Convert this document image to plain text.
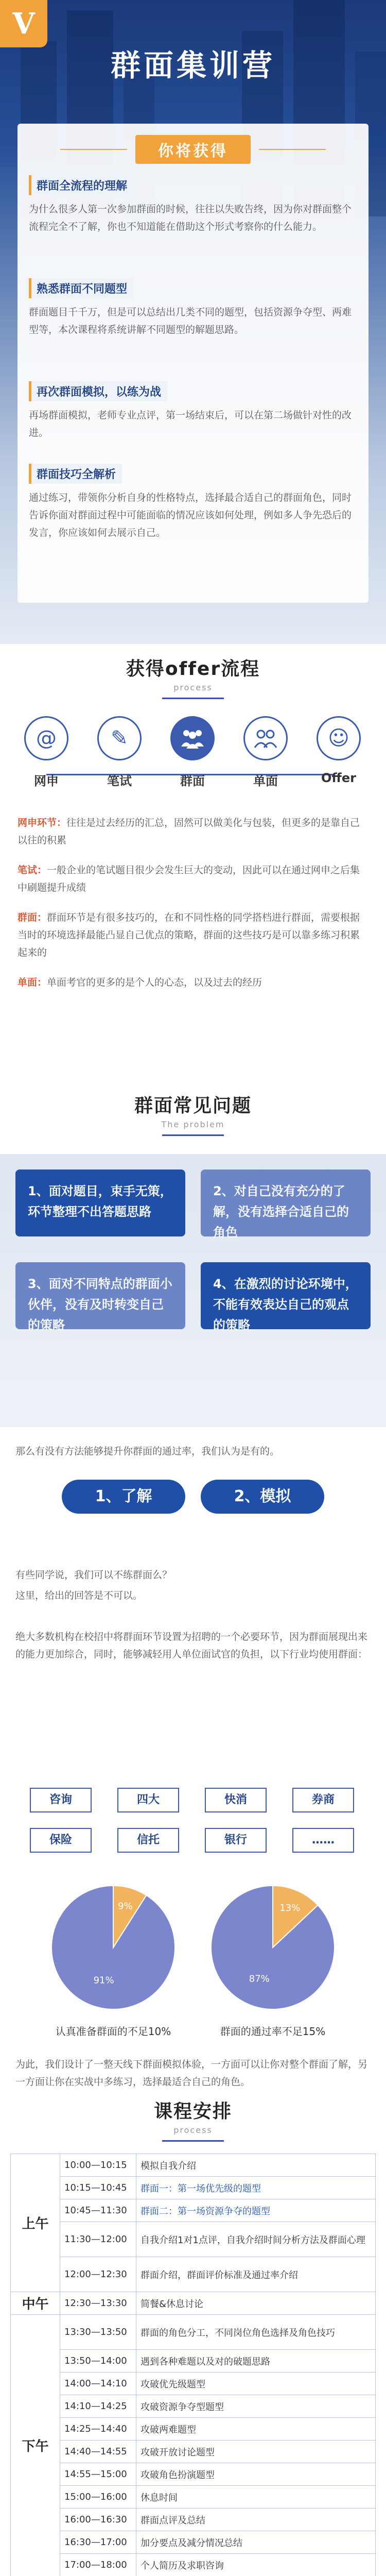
V
群面集训营
你将获得
群面全流程的理解
为什么很多人第一次参加群面的时候，往往以失败告终，因为你对群面整个流程完全不了解，你也不知道能在借助这个形式考察你的什么能力。
熟悉群面不同题型
群面题目千千万，但是可以总结出几类不同的题型，包括资源争夺型、两难型等，本次课程将系统讲解不同题型的解题思路。
再次群面模拟，以练为战
再场群面模拟，老师专业点评，第一场结束后，可以在第二场做针对性的改进。
群面技巧全解析
通过练习，带领你分析自身的性格特点，选择最合适自己的群面角色，同时告诉你面对群面过程中可能面临的情况应该如何处理，例如多人争先恐后的发言，你应该如何去展示自己。
获得offer流程
process
@
网申
✎
笔试	群面	单面
☺
Offer
网申环节：往往是过去经历的汇总，固然可以做美化与包装，但更多的是靠自己以往的积累
笔试：一般企业的笔试题目很少会发生巨大的变动，因此可以在通过网申之后集中刷题提升成绩
群面：群面环节是有很多技巧的，在和不同性格的同学搭档进行群面，需要根据当时的环境选择最能凸显自己优点的策略，群面的这些技巧是可以靠多练习积累起来的
单面：单面考官的更多的是个人的心态，以及过去的经历
群面常见问题
The problem
1、面对题目，束手无策，环节整理不出答题思路
2、对自己没有充分的了解，没有选择合适自己的角色
3、面对不同特点的群面小伙伴，没有及时转变自己的策略
4、在激烈的讨论环境中，不能有效表达自己的观点的策略
那么有没有方法能够提升你群面的通过率，我们认为是有的。
1、了解	2、模拟
有些同学说，我们可以不练群面么？
这里，给出的回答是不可以。
绝大多数机构在校招中将群面环节设置为招聘的一个必要环节，因为群面展现出来的能力更加综合，同时，能够减轻用人单位面试官的负担，以下行业均使用群面：
咨询	四大	快消	券商
保险	信托	银行	……
91%
9%
认真准备群面的不足10%
87%
13%
群面的通过率不足15%
为此，我们设计了一整天线下群面模拟体验，一方面可以让你对整个群面了解，另一方面让你在实战中多练习，选择最适合自己的角色。
课程安排
process
上午	10:00—10:15	模拟自我介绍
	10:15—10:45	群面一：第一场优先级的题型
	10:45—11:30	群面二：第一场资源争夺的题型
	11:30—12:00	自我介绍1对1点评，自我介绍时间分析方法及群面心理
	12:00—12:30	群面介绍，群面评价标准及通过率介绍
中午	12:30—13:30	简餐&休息讨论
下午	13:30—13:50	群面的角色分工，不同岗位角色选择及角色技巧
	13:50—14:00	遇到各种难题以及对的破题思路
	14:00—14:10	攻破优先级题型
	14:10—14:25	攻破资源争夺型题型
	14:25—14:40	攻破两难题型
	14:40—14:55	攻破开放讨论题型
	14:55—15:00	攻破角色扮演题型
	15:00—16:00	休息时间
	16:00—16:30	群面点评及总结
	16:30—17:00	加分要点及减分情况总结
	17:00—18:00	个人简历及求职咨询
